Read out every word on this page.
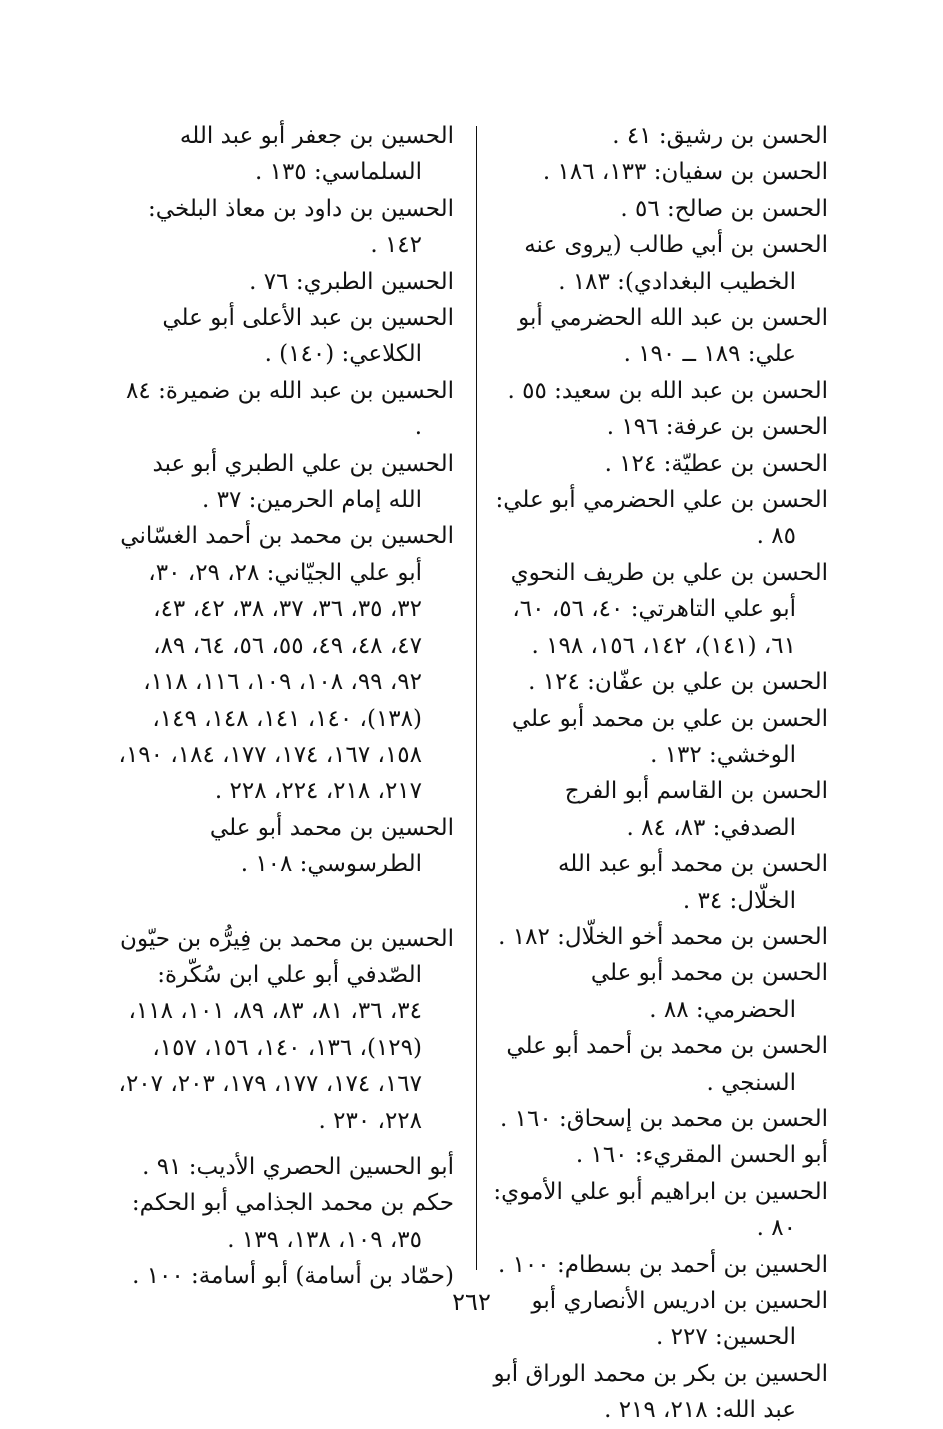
الحسن بن رشيق: ٤١ .

الحسن بن سفيان: ١٣٣، ١٨٦ .

الحسن بن صالح: ٥٦ .

الحسن بن أبي طالب (يروى عنه الخطيب البغدادي): ١٨٣ .

الحسن بن عبد الله الحضرمي أبو علي: ١٨٩ ــ ١٩٠ .

الحسن بن عبد الله بن سعيد: ٥٥ .

الحسن بن عرفة: ١٩٦ .

الحسن بن عطيّة: ١٢٤ .

الحسن بن علي الحضرمي أبو علي: ٨٥ .

الحسن بن علي بن طريف النحوي أبو علي التاهرتي: ٤٠، ٥٦، ٦٠، ٦١، (١٤١)، ١٤٢، ١٥٦، ١٩٨ .

الحسن بن علي بن عفّان: ١٢٤ .

الحسن بن علي بن محمد أبو علي الوخشي: ١٣٢ .

الحسن بن القاسم أبو الفرج الصدفي: ٨٣، ٨٤ .

الحسن بن محمد أبو عبد الله الخلّال: ٣٤ .

الحسن بن محمد أخو الخلّال: ١٨٢ .

الحسن بن محمد أبو علي الحضرمي: ٨٨ .

الحسن بن محمد بن أحمد أبو علي السنجي .

الحسن بن محمد بن إسحاق: ١٦٠ .

أبو الحسن المقريء: ١٦٠ .

الحسين بن ابراهيم أبو علي الأموي: ٨٠ .

الحسين بن أحمد بن بسطام: ١٠٠ .

الحسين بن ادريس الأنصاري أبو الحسين: ٢٢٧ .

الحسين بن بكر بن محمد الوراق أبو عبد الله: ٢١٨، ٢١٩ .

الحسين بن جعفر أبو عبد الله السلماسي: ١٣٥ .

الحسين بن داود بن معاذ البلخي: ١٤٢ .

الحسين الطبري: ٧٦ .

الحسين بن عبد الأعلى أبو علي الكلاعي: (١٤٠) .

الحسين بن عبد الله بن ضميرة: ٨٤ .

الحسين بن علي الطبري أبو عبد الله إمام الحرمين: ٣٧ .

الحسين بن محمد بن أحمد الغسّاني أبو علي الجيّاني: ٢٨، ٢٩، ٣٠، ٣٢، ٣٥، ٣٦، ٣٧، ٣٨، ٤٢، ٤٣، ٤٧، ٤٨، ٤٩، ٥٥، ٥٦، ٦٤، ٨٩، ٩٢، ٩٩، ١٠٨، ١٠٩، ١١٦، ١١٨، (١٣٨)، ١٤٠، ١٤١، ١٤٨، ١٤٩، ١٥٨، ١٦٧، ١٧٤، ١٧٧، ١٨٤، ١٩٠، ٢١٧، ٢١٨، ٢٢٤، ٢٢٨ .

الحسين بن محمد أبو علي الطرسوسي: ١٠٨ .

الحسين بن محمد بن فِيرُّه بن حيّون الصّدفي أبو علي ابن سُكّرة: ٣٤، ٣٦، ٨١، ٨٣، ٨٩، ١٠١، ١١٨، (١٢٩)، ١٣٦، ١٤٠، ١٥٦، ١٥٧، ١٦٧، ١٧٤، ١٧٧، ١٧٩، ٢٠٣، ٢٠٧، ٢٢٨، ٢٣٠ .

أبو الحسين الحصري الأديب: ٩١ .

حكم بن محمد الجذامي أبو الحكم: ٣٥، ١٠٩، ١٣٨، ١٣٩ .

(حمّاد بن أسامة) أبو أسامة: ١٠٠ .

٢٦٢
